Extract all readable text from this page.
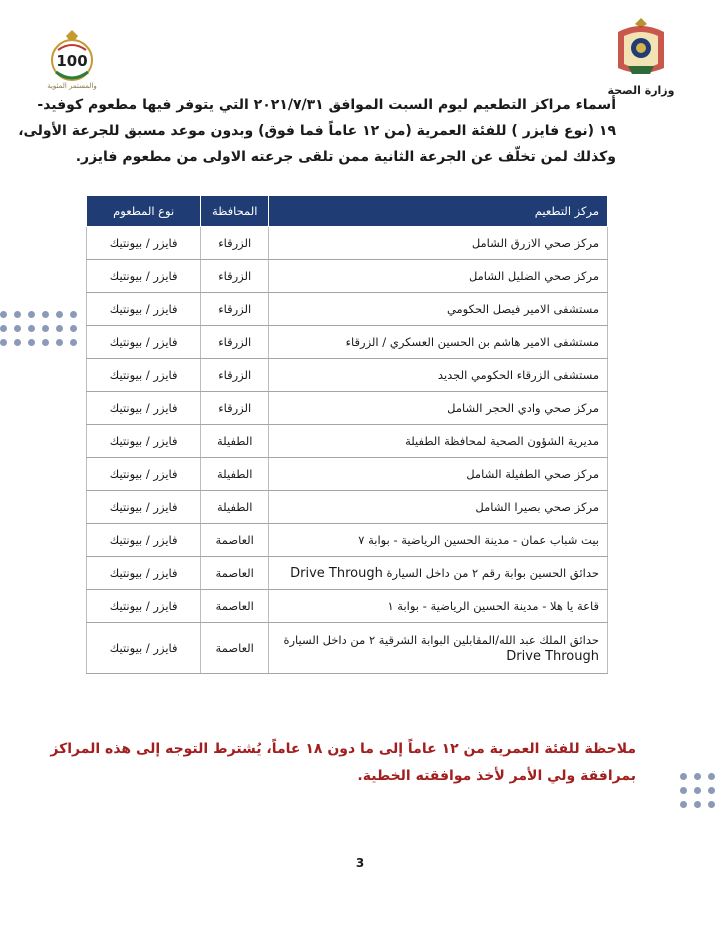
وزارة الصحة
100
والمستمر المئوية

أسماء مراكز التطعيم ليوم السبت الموافق ٢٠٢١/٧/٣١ التي يتوفر فيها مطعوم كوفيد-

١٩ (نوع فايزر ) للفئة العمرية (من ١٢ عاماً فما فوق) وبدون موعد مسبق للجرعة الأولى،

وكذلك لمن تخلّف عن الجرعة الثانية ممن تلقى جرعته الاولى من مطعوم فايزر.

مركز التطعيم	المحافظة	نوع المطعوم
مركز صحي الازرق الشامل	الزرقاء	فايزر / بيونتيك
مركز صحي الضليل الشامل	الزرقاء	فايزر / بيونتيك
مستشفى الامير فيصل الحكومي	الزرقاء	فايزر / بيونتيك
مستشفى الامير هاشم بن الحسين العسكري / الزرقاء	الزرقاء	فايزر / بيونتيك
مستشفى الزرقاء الحكومي الجديد	الزرقاء	فايزر / بيونتيك
مركز صحي وادي الحجر الشامل	الزرقاء	فايزر / بيونتيك
مديرية الشؤون الصحية لمحافظة الطفيلة	الطفيلة	فايزر / بيونتيك
مركز صحي الطفيلة الشامل	الطفيلة	فايزر / بيونتيك
مركز صحي بصيرا الشامل	الطفيلة	فايزر / بيونتيك
بيت شباب عمان - مدينة الحسين الرياضية - بوابة ٧	العاصمة	فايزر / بيونتيك
حدائق الحسين بوابة رقم ٢ من داخل السيارة Drive Through	العاصمة	فايزر / بيونتيك
قاعة يا هلا - مدينة الحسين الرياضية - بوابة ١	العاصمة	فايزر / بيونتيك

حدائق الملك عبد الله/المقابلين البوابة الشرقية ٢ من داخل السيارة
Drive Through	العاصمة	فايزر / بيونتيك

ملاحظة للفئة العمرية من ١٢ عاماً إلى ما دون ١٨ عاماً، يُشترط التوجه إلى هذه المراكز

بمرافقة ولي الأمر لأخذ موافقته الخطية.

3
